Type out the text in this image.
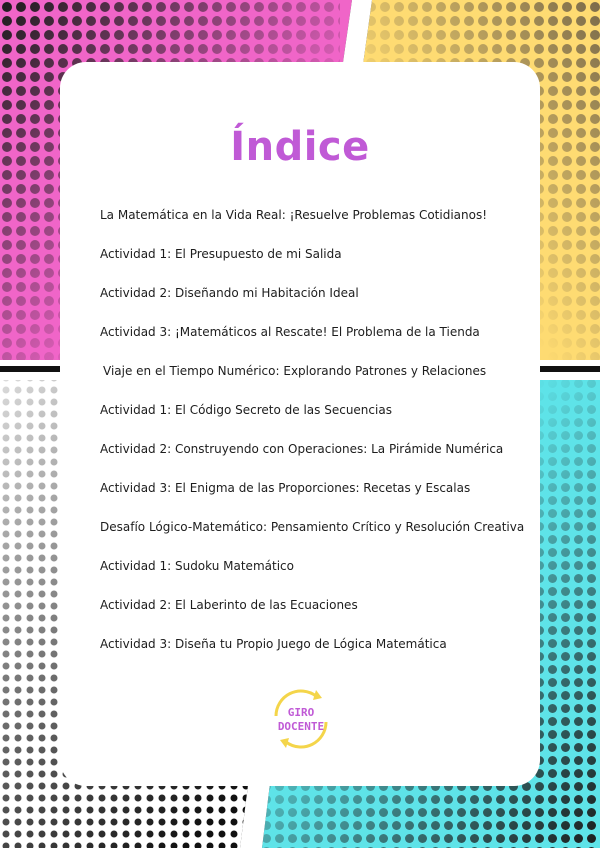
Índice
La Matemática en la Vida Real: ¡Resuelve Problemas Cotidianos!
Actividad 1: El Presupuesto de mi Salida
Actividad 2: Diseñando mi Habitación Ideal
Actividad 3: ¡Matemáticos al Rescate! El Problema de la Tienda
Viaje en el Tiempo Numérico: Explorando Patrones y Relaciones
Actividad 1: El Código Secreto de las Secuencias
Actividad 2: Construyendo con Operaciones: La Pirámide Numérica
Actividad 3: El Enigma de las Proporciones: Recetas y Escalas
Desafío Lógico-Matemático: Pensamiento Crítico y Resolución Creativa
Actividad 1: Sudoku Matemático
Actividad 2: El Laberinto de las Ecuaciones
Actividad 3: Diseña tu Propio Juego de Lógica Matemática
GIRO
DOCENTE
